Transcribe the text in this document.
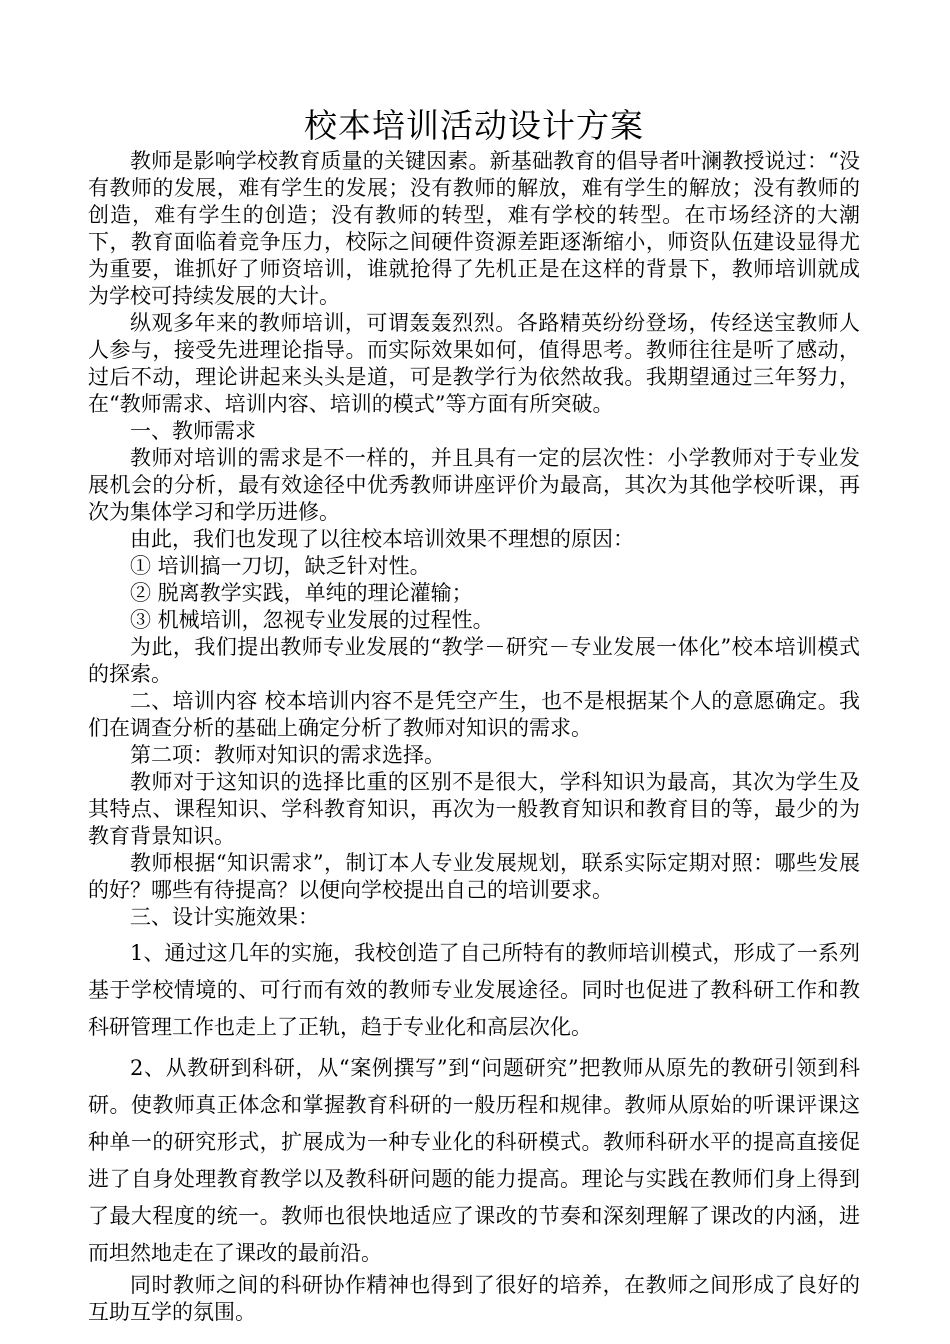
校本培训活动设计方案

教师是影响学校教育质量的关键因素。新基础教育的倡导者叶澜教授说过：“没有教师的发展，难有学生的发展；没有教师的解放，难有学生的解放；没有教师的创造，难有学生的创造；没有教师的转型，难有学校的转型。在市场经济的大潮下，教育面临着竞争压力，校际之间硬件资源差距逐渐缩小，师资队伍建设显得尤为重要，谁抓好了师资培训，谁就抢得了先机正是在这样的背景下，教师培训就成为学校可持续发展的大计。

纵观多年来的教师培训，可谓轰轰烈烈。各路精英纷纷登场，传经送宝教师人人参与，接受先进理论指导。而实际效果如何，值得思考。教师往往是听了感动，过后不动，理论讲起来头头是道，可是教学行为依然故我。我期望通过三年努力，在“教师需求、培训内容、培训的模式”等方面有所突破。

一、教师需求

教师对培训的需求是不一样的，并且具有一定的层次性：小学教师对于专业发展机会的分析，最有效途径中优秀教师讲座评价为最高，其次为其他学校听课，再次为集体学习和学历进修。

由此，我们也发现了以往校本培训效果不理想的原因：

① 培训搞一刀切，缺乏针对性。

② 脱离教学实践，单纯的理论灌输；

③ 机械培训，忽视专业发展的过程性。

为此，我们提出教师专业发展的“教学－研究－专业发展一体化”校本培训模式的探索。

二、培训内容 校本培训内容不是凭空产生，也不是根据某个人的意愿确定。我们在调查分析的基础上确定分析了教师对知识的需求。

第二项：教师对知识的需求选择。

教师对于这知识的选择比重的区别不是很大，学科知识为最高，其次为学生及其特点、课程知识、学科教育知识，再次为一般教育知识和教育目的等，最少的为教育背景知识。

教师根据“知识需求”，制订本人专业发展规划，联系实际定期对照：哪些发展的好？哪些有待提高？以便向学校提出自己的培训要求。

三、设计实施效果：

1、通过这几年的实施，我校创造了自己所特有的教师培训模式，形成了一系列基于学校情境的、可行而有效的教师专业发展途径。同时也促进了教科研工作和教科研管理工作也走上了正轨，趋于专业化和高层次化。

2、从教研到科研，从“案例撰写”到“问题研究”把教师从原先的教研引领到科研。使教师真正体念和掌握教育科研的一般历程和规律。教师从原始的听课评课这种单一的研究形式，扩展成为一种专业化的科研模式。教师科研水平的提高直接促进了自身处理教育教学以及教科研问题的能力提高。理论与实践在教师们身上得到了最大程度的统一。教师也很快地适应了课改的节奏和深刻理解了课改的内涵，进而坦然地走在了课改的最前沿。

同时教师之间的科研协作精神也得到了很好的培养，在教师之间形成了良好的互助互学的氛围。
